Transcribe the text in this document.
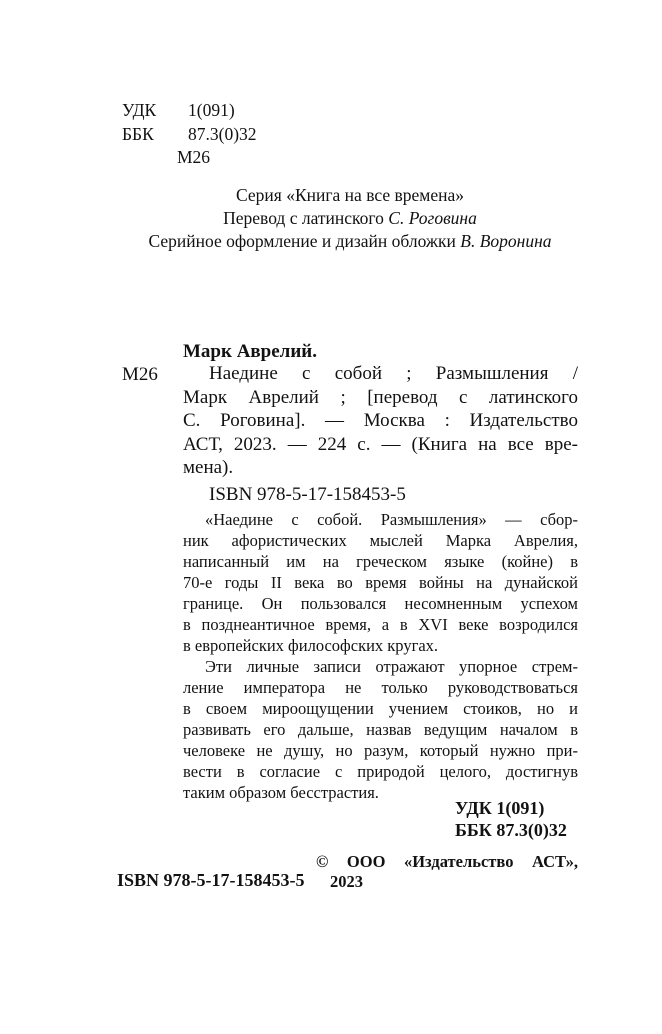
УДК 1(091)
ББК 87.3(0)32
М26
Серия «Книга на все времена»
Перевод с латинского С. Роговина
Серийное оформление и дизайн обложки В. Воронина
Марк Аврелий.
М26	Наедине с собой ; Размышления /
Марк Аврелий ; [перевод с латинского
С. Роговина]. — Москва : Издательство
АСТ, 2023. — 224 с. — (Книга на все вре-
мена).
ISBN 978-5-17-158453-5
«Наедине с собой. Размышления» — сбор-
ник афористических мыслей Марка Аврелия,
написанный им на греческом языке (койне) в
70-е годы II века во время войны на дунайской
границе. Он пользовался несомненным успехом
в позднеантичное время, а в XVI веке возродился
в европейских философских кругах.
Эти личные записи отражают упорное стрем-
ление императора не только руководствоваться
в своем мироощущении учением стоиков, но и
развивать его дальше, назвав ведущим началом в
человеке не душу, но разум, который нужно при-
вести в согласие с природой целого, достигнув
таким образом бесстрастия.
УДК 1(091)
ББК 87.3(0)32
© ООО «Издательство АСТ»,
2023
ISBN 978-5-17-158453-5
